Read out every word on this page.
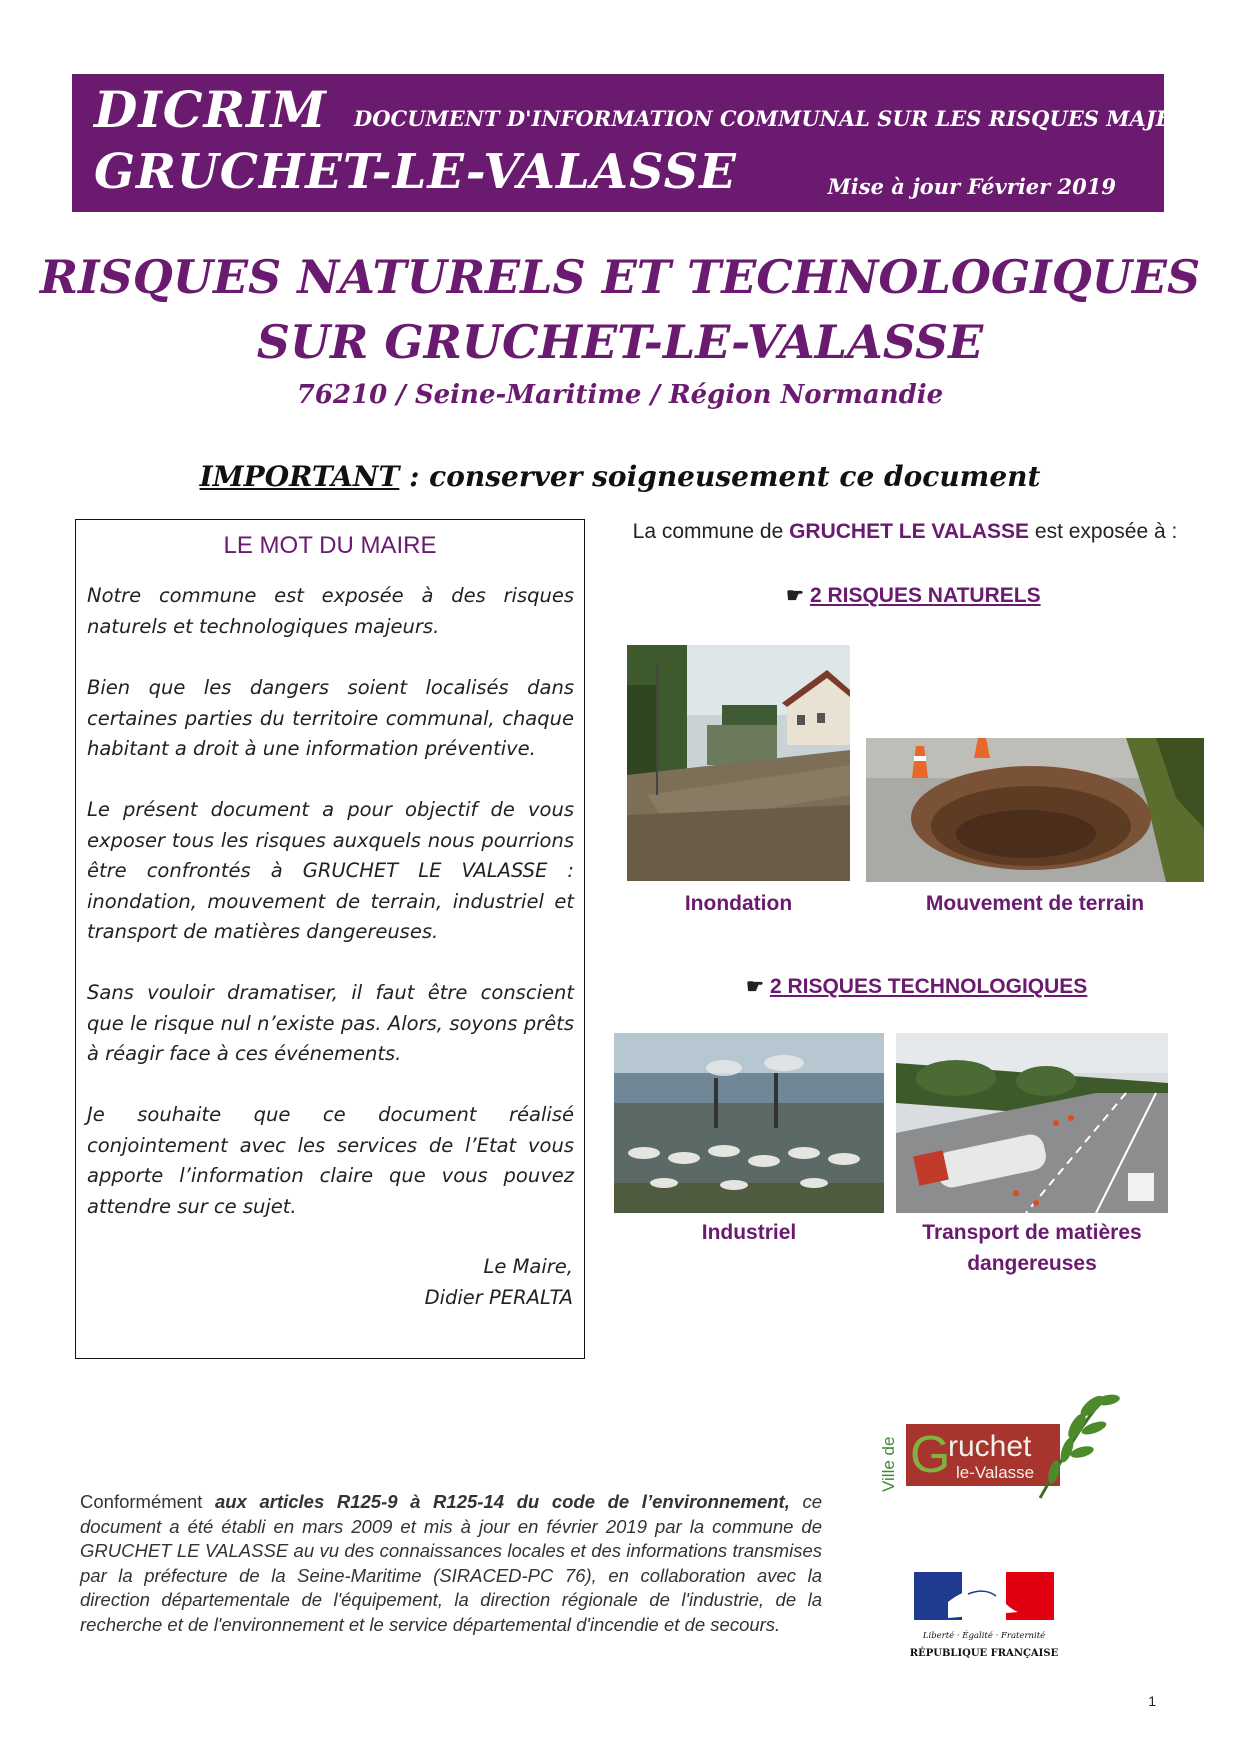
DICRIM
GRUCHET-LE-VALASSE
DOCUMENT D'INFORMATION COMMUNAL SUR LES RISQUES MAJEURS
Mise à jour Février 2019
RISQUES NATURELS ET TECHNOLOGIQUES
SUR GRUCHET-LE-VALASSE
76210 / Seine-Maritime / Région Normandie
IMPORTANT : conserver soigneusement ce document
LE MOT DU MAIRE

Notre commune est exposée à des risques naturels et technologiques majeurs.

Bien que les dangers soient localisés dans certaines parties du territoire communal, chaque habitant a droit à une information préventive.

Le présent document a pour objectif de vous exposer tous les risques auxquels nous pourrions être confrontés à GRUCHET LE VALASSE : inondation, mouvement de terrain, industriel et transport de matières dangereuses.

Sans vouloir dramatiser, il faut être conscient que le risque nul n’existe pas. Alors, soyons prêts à réagir face à ces événements.

Je souhaite que ce document réalisé conjointement avec les services de l’Etat vous apporte l’information claire que vous pouvez attendre sur ce sujet.

Le Maire,
Didier PERALTA
La commune de GRUCHET LE VALASSE est exposée à :
☛ 2 RISQUES NATURELS
Inondation	Mouvement de terrain
☛ 2 RISQUES TECHNOLOGIQUES
Industriel	Transport de matières
dangereuses
Ville de G
ruchet
le-Valasse
Liberté · Égalité · Fraternité
RÉPUBLIQUE FRANÇAISE
Conformément aux articles R125-9 à R125-14 du code de l’environnement, ce document a été établi en mars 2009 et mis à jour en février 2019 par la commune de GRUCHET LE VALASSE au vu des connaissances locales et des informations transmises par la préfecture de la Seine-Maritime (SIRACED-PC 76), en collaboration avec la direction départementale de l'équipement, la direction régionale de l'industrie, de la recherche et de l'environnement et le service départemental d'incendie et de secours.
1
